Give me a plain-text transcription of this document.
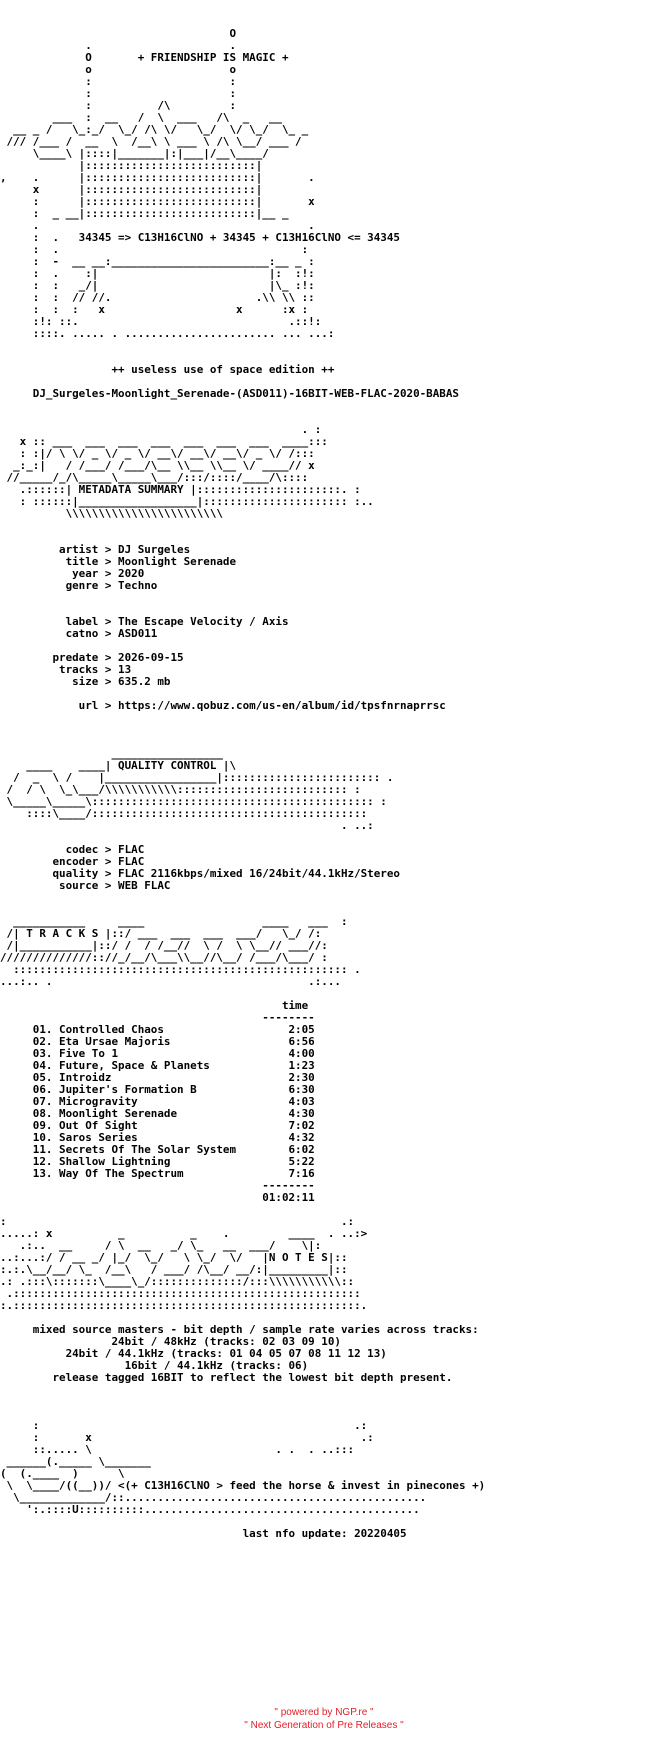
O
.                     .
O       + FRIENDSHIP IS MAGIC +
o                     o
:                     :
:                     :
:          /\         :
___  :  __   /  \  ___   /\  _   __
__ _ /   \_:_/  \_/ /\ \/   \_/  \/ \_/  \_ _
/// /___ /  __  \  /__\ \ ___ \ /\ \__/ ___ /
\____\ |::::|_______|:|___|/__\____/
|::::::::::::::::::::::::::|
,    .      |::::::::::::::::::::::::::|       .
x      |::::::::::::::::::::::::::|
:      |::::::::::::::::::::::::::|       x
:  _ __|::::::::::::::::::::::::::|__ _
.                                         .
:  .   34345 => C13H16ClNO + 34345 + C13H16ClNO <= 34345
:  .                                     :
:  -  __ __:________________________:__ _ :
:  .    :|                          |:  :!:
:  :   _/|                          |\_ :!:
:  :  // //.                      .\\ \\ ::
:  :  :   x                    x      :x :
:!: ::.                                .::!:
::::. ..... . ....................... ... ...:

++ useless use of space edition ++

DJ_Surgeles-Moonlight_Serenade-(ASD011)-16BIT-WEB-FLAC-2020-BABAS

. :
x :: ___  ___  ___  ___  ___  ___  ___  ____:::
: :|/ \ \/ _ \/ _ \/ __\/ __\/ __\/ _ \/ /:::
_:_:|   / /___/ /___/\__ \\__ \\__ \/ ____// x
//_____/_/\_____\_____\___/:::/::::/____/\::::
.::::::| METADATA SUMMARY |::::::::::::::::::::::. :
: ::::::|__________________|:::::::::::::::::::::: :..
\\\\\\\\\\\\\\\\\\\\\\\\

artist > DJ Surgeles
title > Moonlight Serenade
year > 2020
genre > Techno

label > The Escape Velocity / Axis
catno > ASD011

predate > 2026-09-15
tracks > 13
size > 635.2 mb

url > https://www.qobuz.com/us-en/album/id/tpsfnrnaprrsc

_________________
____    ____| QUALITY CONTROL |\
/  _  \ /    |_________________|:::::::::::::::::::::::: .
/  / \  \_\___/\\\\\\\\\\\:::::::::::::::::::::::::: :
\_____\_____\::::::::::::::::::::::::::::::::::::::::::: :
::::\____/::::::::::::::::::::::::::::::::::::::::::
. ..:

codec > FLAC
encoder > FLAC
quality > FLAC 2116kbps/mixed 16/24bit/44.1kHz/Stereo
source > WEB FLAC

___________     ____                  ____   ___  :
/| T R A C K S |::/ ___  ___  ___  ___/   \_/ /:
/|___________|::/ /  / /__//  \ /  \ \__// ___//:
//////////////:://_/__/\___\\__//\__/ /___/\___/ :
::::::::::::::::::::::::::::::::::::::::::::::::::: .
...:.. .                                       .:...

time
--------
01. Controlled Chaos                   2:05
02. Eta Ursae Majoris                  6:56
03. Five To 1                          4:00
04. Future, Space & Planets            1:23
05. Introidz                           2:30
06. Jupiter's Formation B              6:30
07. Microgravity                       4:03
08. Moonlight Serenade                 4:30
09. Out Of Sight                       7:02
10. Saros Series                       4:32
11. Secrets Of The Solar System        6:02
12. Shallow Lightning                  5:22
13. Way Of The Spectrum                7:16
--------
01:02:11

:                                                   .:
.....: x          _          _    .         ____  . ..:>
.:..  __     / \  __   _/ \_   __  ___/    \|:
..:...:/ / __ _/ |_/  \_/   \ \_/  \/   |N O T E S|::
:.:.\__/__/ \_  /__\   / ___/ /\__/ __/:|_________|::
.: .:::\:::::::\____\_/::::::::::::::/:::\\\\\\\\\\\::
.:::::::::::::::::::::::::::::::::::::::::::::::::::::
:.:::::::::::::::::::::::::::::::::::::::::::::::::::::.

mixed source masters - bit depth / sample rate varies across tracks:
24bit / 48kHz (tracks: 02 03 09 10)
24bit / 44.1kHz (tracks: 01 04 05 07 08 11 12 13)
16bit / 44.1kHz (tracks: 06)
release tagged 16BIT to reflect the lowest bit depth present.

:                                                .:
:       x                                         .:
::..... \                            . .  . ..:::
______(._____ \_______
(  (.____  )      \
\  \____/((__))/ <(+ C13H16ClNO > feed the horse & invest in pinecones +)
\_____________/::..............................................
':.::::U::::::::::..........................................

last nfo update: 20220405

" powered by NGP.re "
" Next Generation of Pre Releases "
